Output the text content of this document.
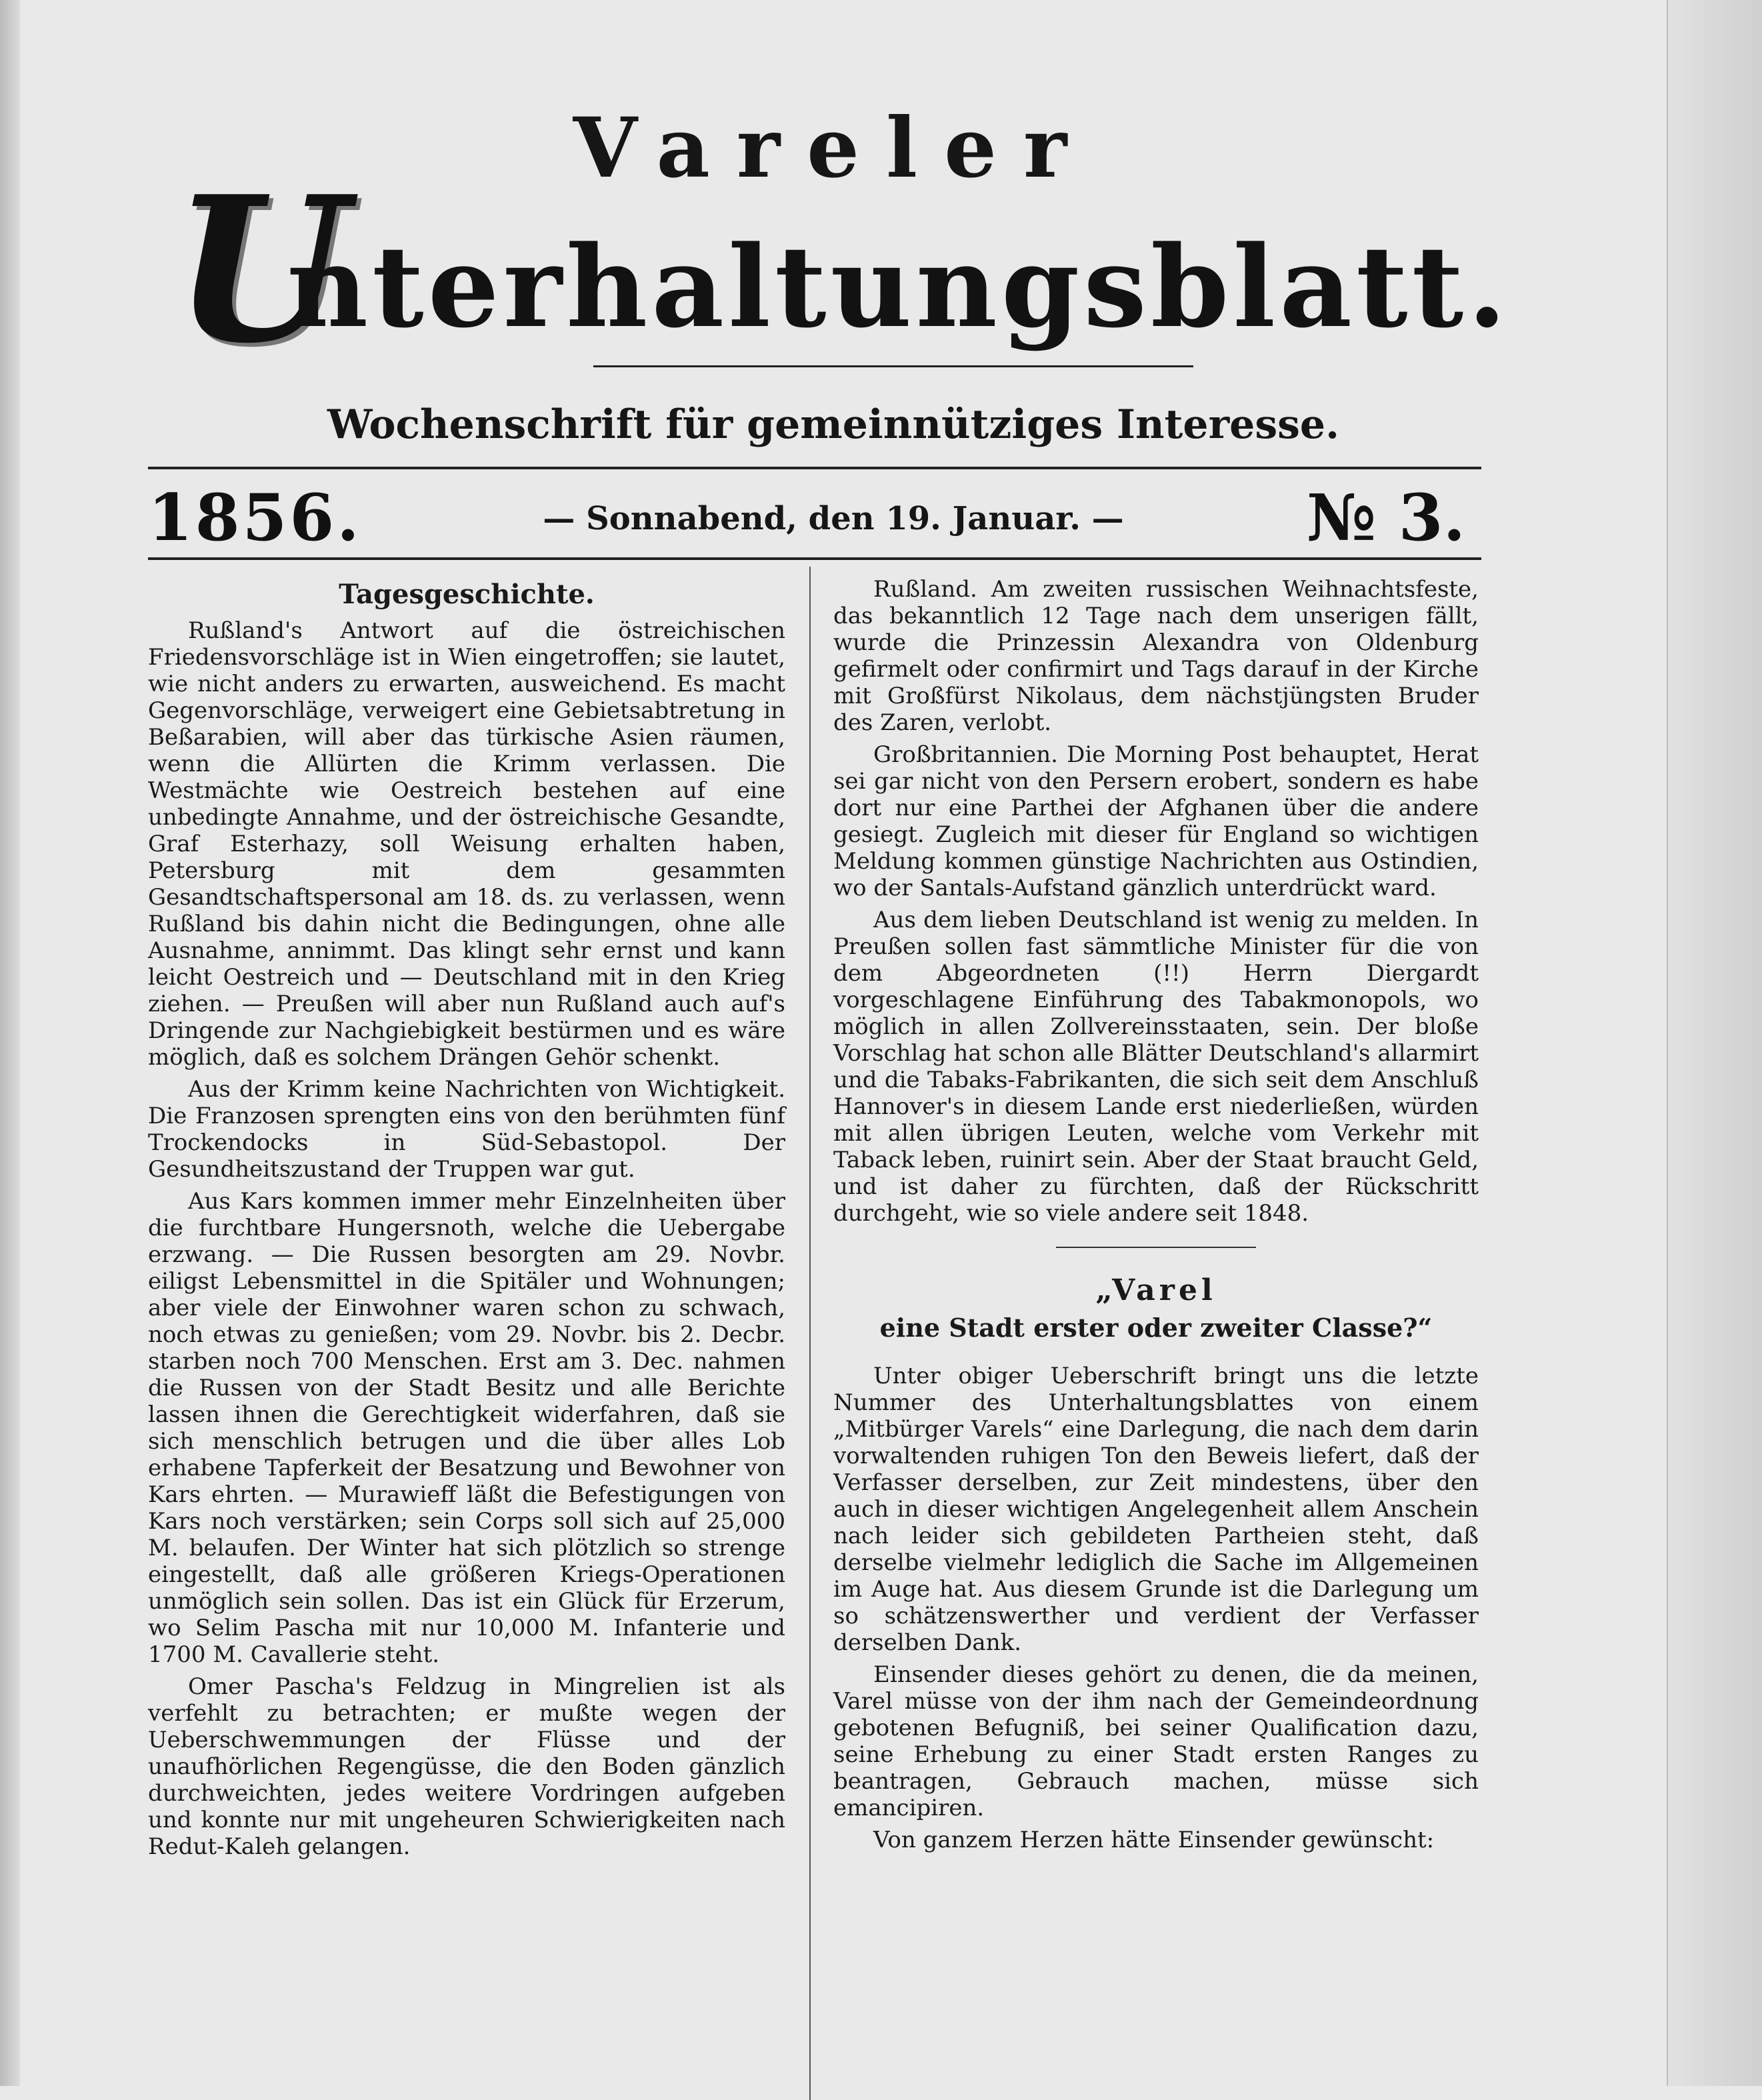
Vareler
U
nterhaltungsblatt.
Wochenschrift für gemeinnütziges Interesse.
1856.	— Sonnabend, den 19. Januar. —	№ 3.
Tagesgeschichte.

Rußland's Antwort auf die östreichischen Friedensvorschläge ist in Wien eingetroffen; sie lautet, wie nicht anders zu erwarten, ausweichend. Es macht Gegenvorschläge, verweigert eine Gebietsabtretung in Beßarabien, will aber das türkische Asien räumen, wenn die Allürten die Krimm verlassen. Die Westmächte wie Oestreich bestehen auf eine unbedingte Annahme, und der östreichische Gesandte, Graf Esterhazy, soll Weisung erhalten haben, Petersburg mit dem gesammten Gesandtschaftspersonal am 18. ds. zu verlassen, wenn Rußland bis dahin nicht die Bedingungen, ohne alle Ausnahme, annimmt. Das klingt sehr ernst und kann leicht Oestreich und — Deutschland mit in den Krieg ziehen. — Preußen will aber nun Rußland auch auf's Dringende zur Nachgiebigkeit bestürmen und es wäre möglich, daß es solchem Drängen Gehör schenkt.

Aus der Krimm keine Nachrichten von Wichtigkeit. Die Franzosen sprengten eins von den berühmten fünf Trockendocks in Süd-Sebastopol. Der Gesundheitszustand der Truppen war gut.

Aus Kars kommen immer mehr Einzelnheiten über die furchtbare Hungersnoth, welche die Uebergabe erzwang. — Die Russen besorgten am 29. Novbr. eiligst Lebensmittel in die Spitäler und Wohnungen; aber viele der Einwohner waren schon zu schwach, noch etwas zu genießen; vom 29. Novbr. bis 2. Decbr. starben noch 700 Menschen. Erst am 3. Dec. nahmen die Russen von der Stadt Besitz und alle Berichte lassen ihnen die Gerechtigkeit widerfahren, daß sie sich menschlich betrugen und die über alles Lob erhabene Tapferkeit der Besatzung und Bewohner von Kars ehrten. — Murawieff läßt die Befestigungen von Kars noch verstärken; sein Corps soll sich auf 25,000 M. belaufen. Der Winter hat sich plötzlich so strenge eingestellt, daß alle größeren Kriegs-Operationen unmöglich sein sollen. Das ist ein Glück für Erzerum, wo Selim Pascha mit nur 10,000 M. Infanterie und 1700 M. Cavallerie steht.

Omer Pascha's Feldzug in Mingrelien ist als verfehlt zu betrachten; er mußte wegen der Ueberschwemmungen der Flüsse und der unaufhörlichen Regengüsse, die den Boden gänzlich durchweichten, jedes weitere Vordringen aufgeben und konnte nur mit ungeheuren Schwierigkeiten nach Redut-Kaleh gelangen.

Rußland. Am zweiten russischen Weihnachtsfeste, das bekanntlich 12 Tage nach dem unserigen fällt, wurde die Prinzessin Alexandra von Oldenburg gefirmelt oder confirmirt und Tags darauf in der Kirche mit Großfürst Nikolaus, dem nächstjüngsten Bruder des Zaren, verlobt.

Großbritannien. Die Morning Post behauptet, Herat sei gar nicht von den Persern erobert, sondern es habe dort nur eine Parthei der Afghanen über die andere gesiegt. Zugleich mit dieser für England so wichtigen Meldung kommen günstige Nachrichten aus Ostindien, wo der Santals-Aufstand gänzlich unterdrückt ward.

Aus dem lieben Deutschland ist wenig zu melden. In Preußen sollen fast sämmtliche Minister für die von dem Abgeordneten (!!) Herrn Diergardt vorgeschlagene Einführung des Tabakmonopols, wo möglich in allen Zollvereinsstaaten, sein. Der bloße Vorschlag hat schon alle Blätter Deutschland's allarmirt und die Tabaks-Fabrikanten, die sich seit dem Anschluß Hannover's in diesem Lande erst niederließen, würden mit allen übrigen Leuten, welche vom Verkehr mit Taback leben, ruinirt sein. Aber der Staat braucht Geld, und ist daher zu fürchten, daß der Rückschritt durchgeht, wie so viele andere seit 1848.

„Varel
eine Stadt erster oder zweiter Classe?“

Unter obiger Ueberschrift bringt uns die letzte Nummer des Unterhaltungsblattes von einem „Mitbürger Varels“ eine Darlegung, die nach dem darin vorwaltenden ruhigen Ton den Beweis liefert, daß der Verfasser derselben, zur Zeit mindestens, über den auch in dieser wichtigen Angelegenheit allem Anschein nach leider sich gebildeten Partheien steht, daß derselbe vielmehr lediglich die Sache im Allgemeinen im Auge hat. Aus diesem Grunde ist die Darlegung um so schätzenswerther und verdient der Verfasser derselben Dank.

Einsender dieses gehört zu denen, die da meinen, Varel müsse von der ihm nach der Gemeindeordnung gebotenen Befugniß, bei seiner Qualification dazu, seine Erhebung zu einer Stadt ersten Ranges zu beantragen, Gebrauch machen, müsse sich emancipiren.

Von ganzem Herzen hätte Einsender gewünscht:
